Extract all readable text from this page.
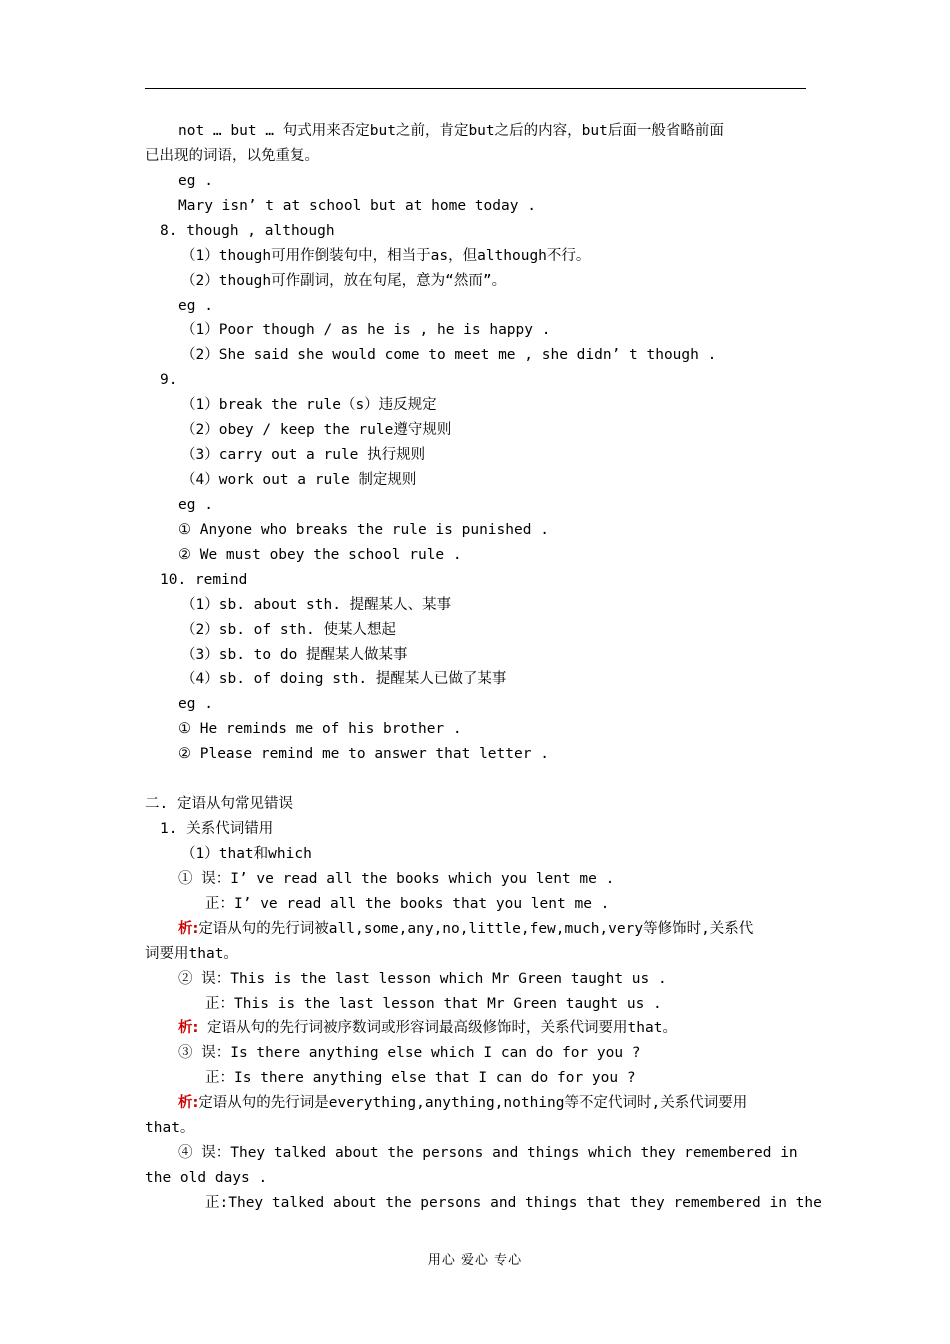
not … but … 句式用来否定but之前，肯定but之后的内容，but后面一般省略前面
已出现的词语，以免重复。
eg .
Mary isn’ t at school but at home today .
8. though , although
（1）though可用作倒装句中，相当于as，但although不行。
（2）though可作副词，放在句尾，意为“然而”。
eg .
（1）Poor though / as he is , he is happy .
（2）She said she would come to meet me , she didn’ t though .
9.
（1）break the rule（s）违反规定
（2）obey / keep the rule遵守规则
（3）carry out a rule 执行规则
（4）work out a rule 制定规则
eg .
① Anyone who breaks the rule is punished .
② We must obey the school rule .
10. remind
（1）sb. about sth. 提醒某人、某事
（2）sb. of sth. 使某人想起
（3）sb. to do 提醒某人做某事
（4）sb. of doing sth. 提醒某人已做了某事
eg .
① He reminds me of his brother .
② Please remind me to answer that letter .
二. 定语从句常见错误
1. 关系代词错用
（1）that和which
① 误：I’ ve read all the books which you lent me .
正：I’ ve read all the books that you lent me .
析:定语从句的先行词被all,some,any,no,little,few,much,very等修饰时,关系代
词要用that。
② 误：This is the last lesson which Mr Green taught us .
正：This is the last lesson that Mr Green taught us .
析: 定语从句的先行词被序数词或形容词最高级修饰时，关系代词要用that。
③ 误：Is there anything else which I can do for you ?
正：Is there anything else that I can do for you ?
析:定语从句的先行词是everything,anything,nothing等不定代词时,关系代词要用
that。
④ 误：They talked about the persons and things which they remembered in
the old days .
正:They talked about the persons and things that they remembered in the
用心 爱心 专心
